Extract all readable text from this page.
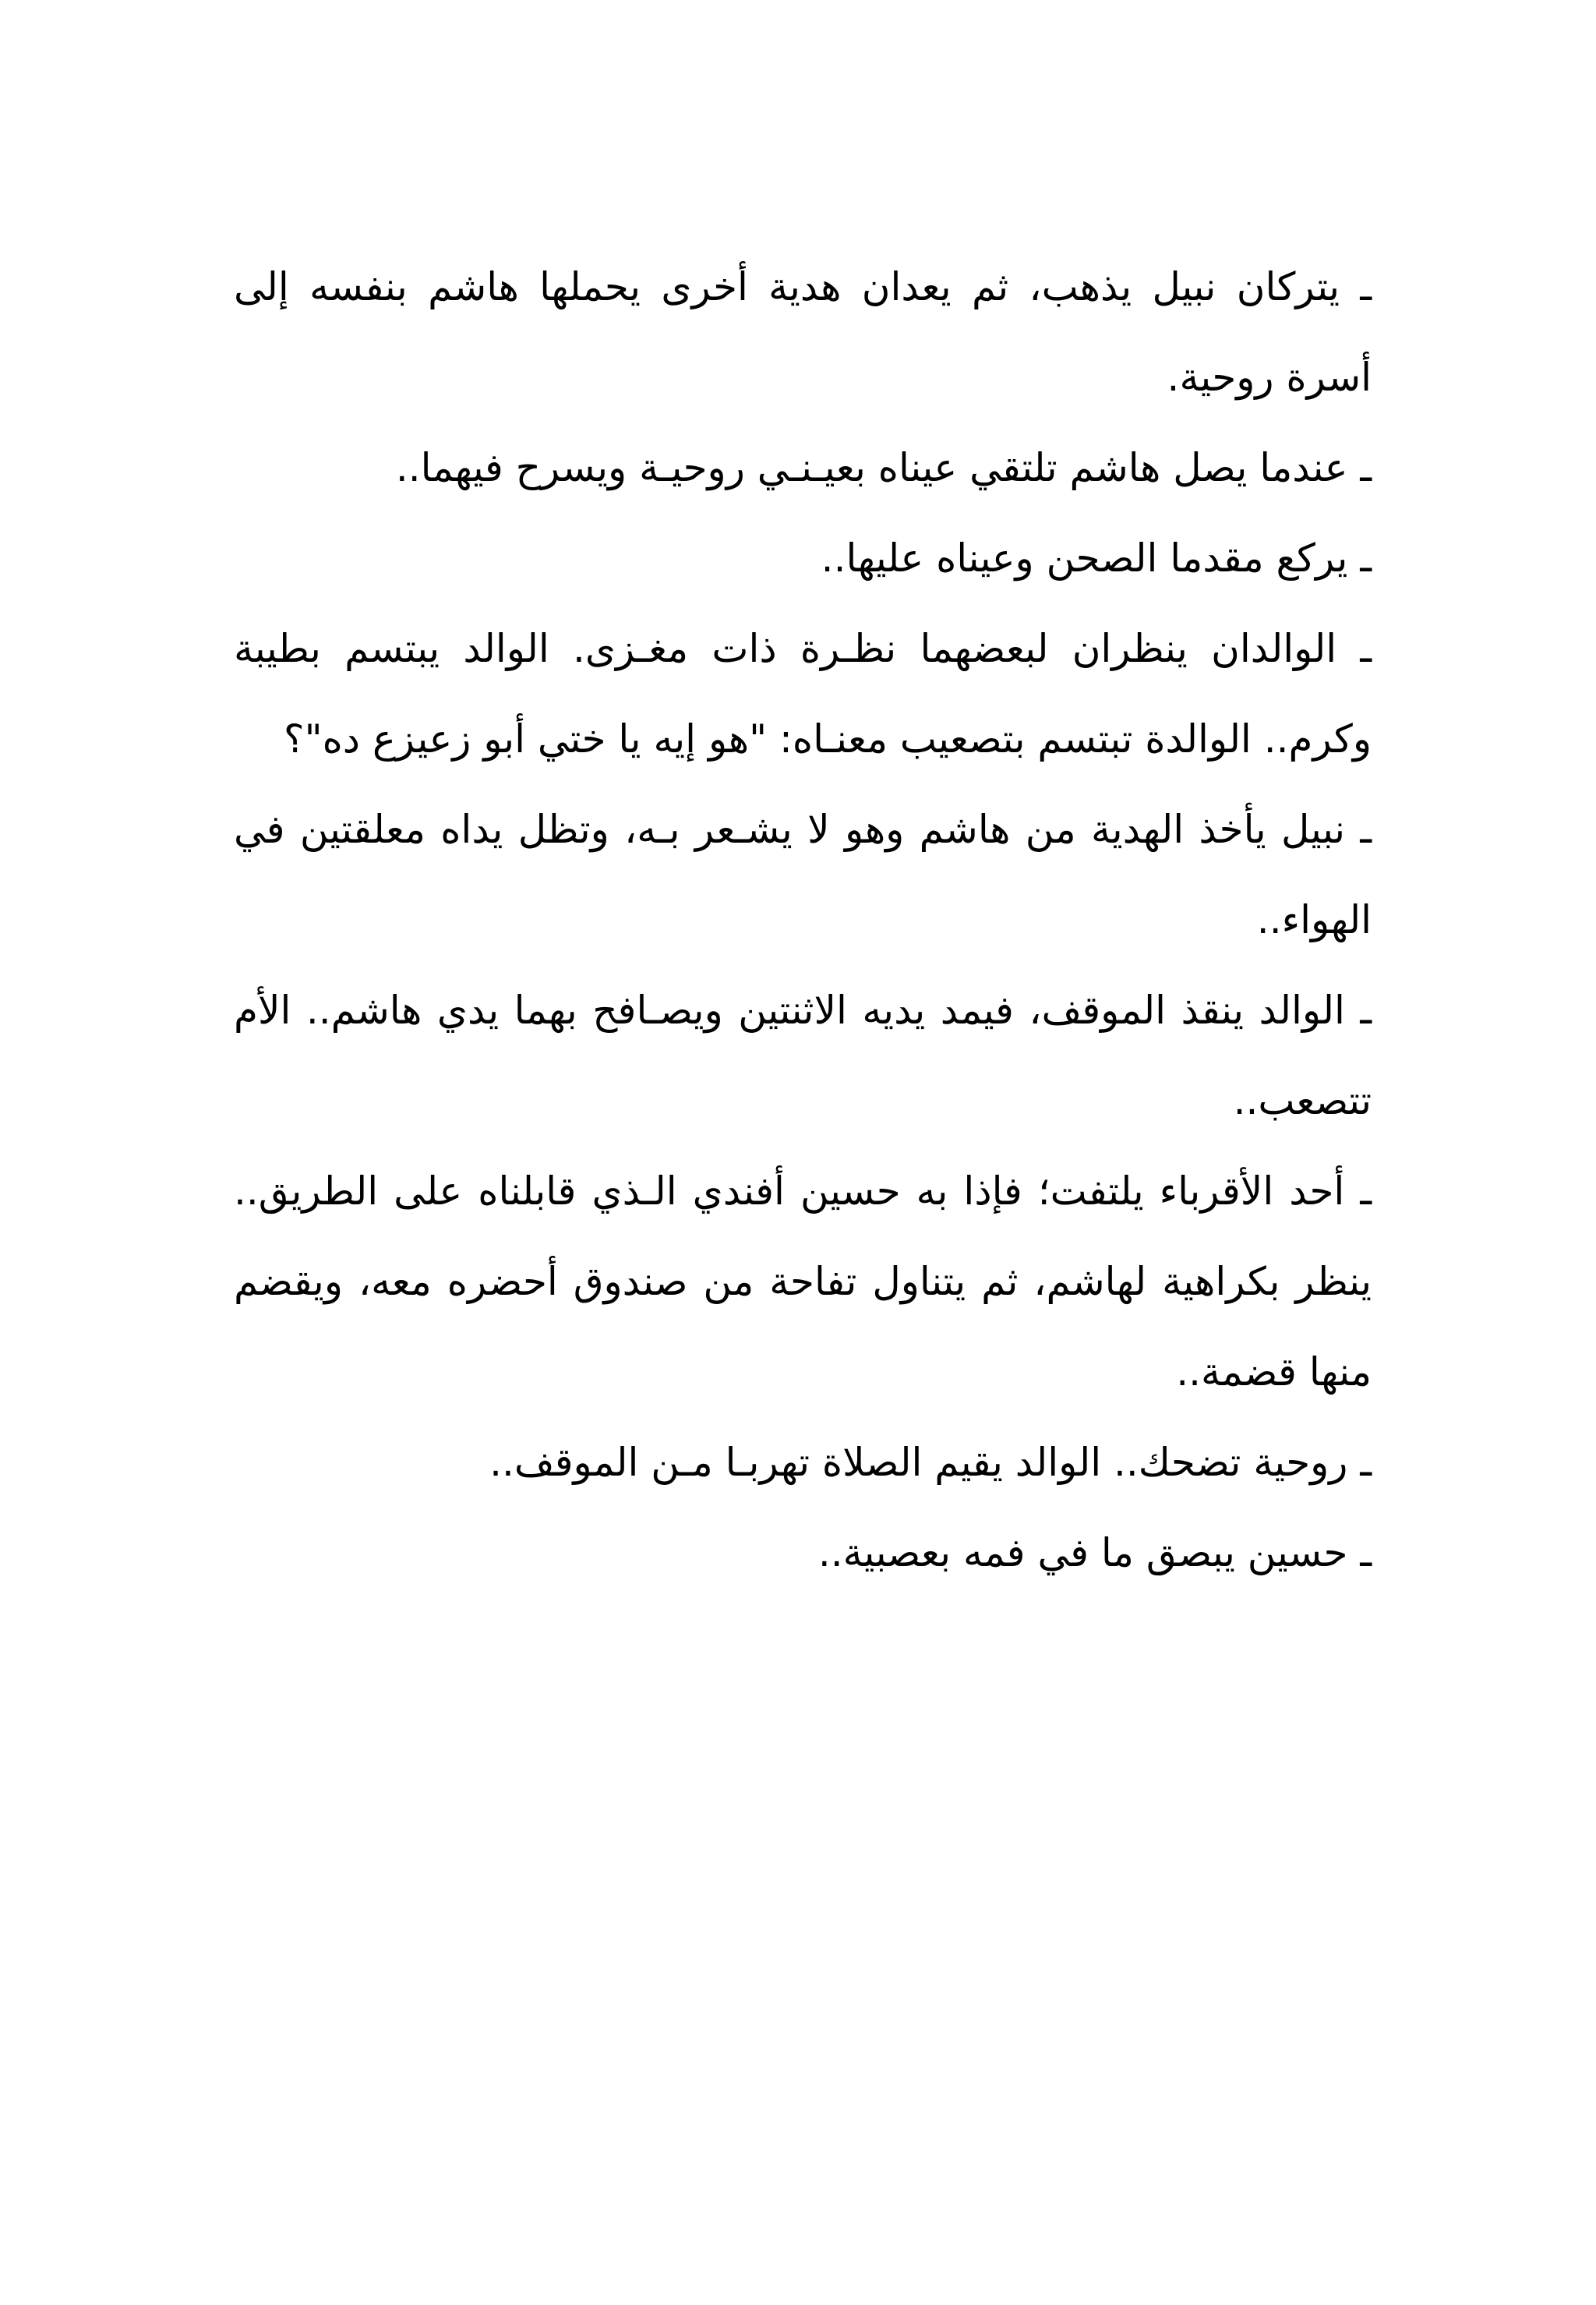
ـ يتركان نبيل يذهب، ثم يعدان هدية أخرى يحملها هاشم بنفسه إلى أسرة روحية.

ـ عندما يصل هاشم تلتقي عيناه بعيـنـي روحيـة ويسرح فيهما..

ـ يركع مقدما الصحن وعيناه عليها..

ـ الوالدان ينظران لبعضهما نظـرة ذات مغـزى. الوالد يبتسم بطيبة وكرم.. الوالدة تبتسم بتصعيب معنـاه: "هو إيه يا ختي أبو زعيزع ده"؟

ـ نبيل يأخذ الهدية من هاشم وهو لا يشـعر بـه، وتظل يداه معلقتين في الهواء..

ـ الوالد ينقذ الموقف، فيمد يديه الاثنتين ويصـافح بهما يدي هاشم.. الأم تتصعب..

ـ أحد الأقرباء يلتفت؛ فإذا به حسين أفندي الـذي قابلناه على الطريق.. ينظر بكراهية لهاشم، ثم يتناول تفاحة من صندوق أحضره معه، ويقضم منها قضمة..

ـ روحية تضحك.. الوالد يقيم الصلاة تهربـا مـن الموقف..

ـ حسين يبصق ما في فمه بعصبية..
